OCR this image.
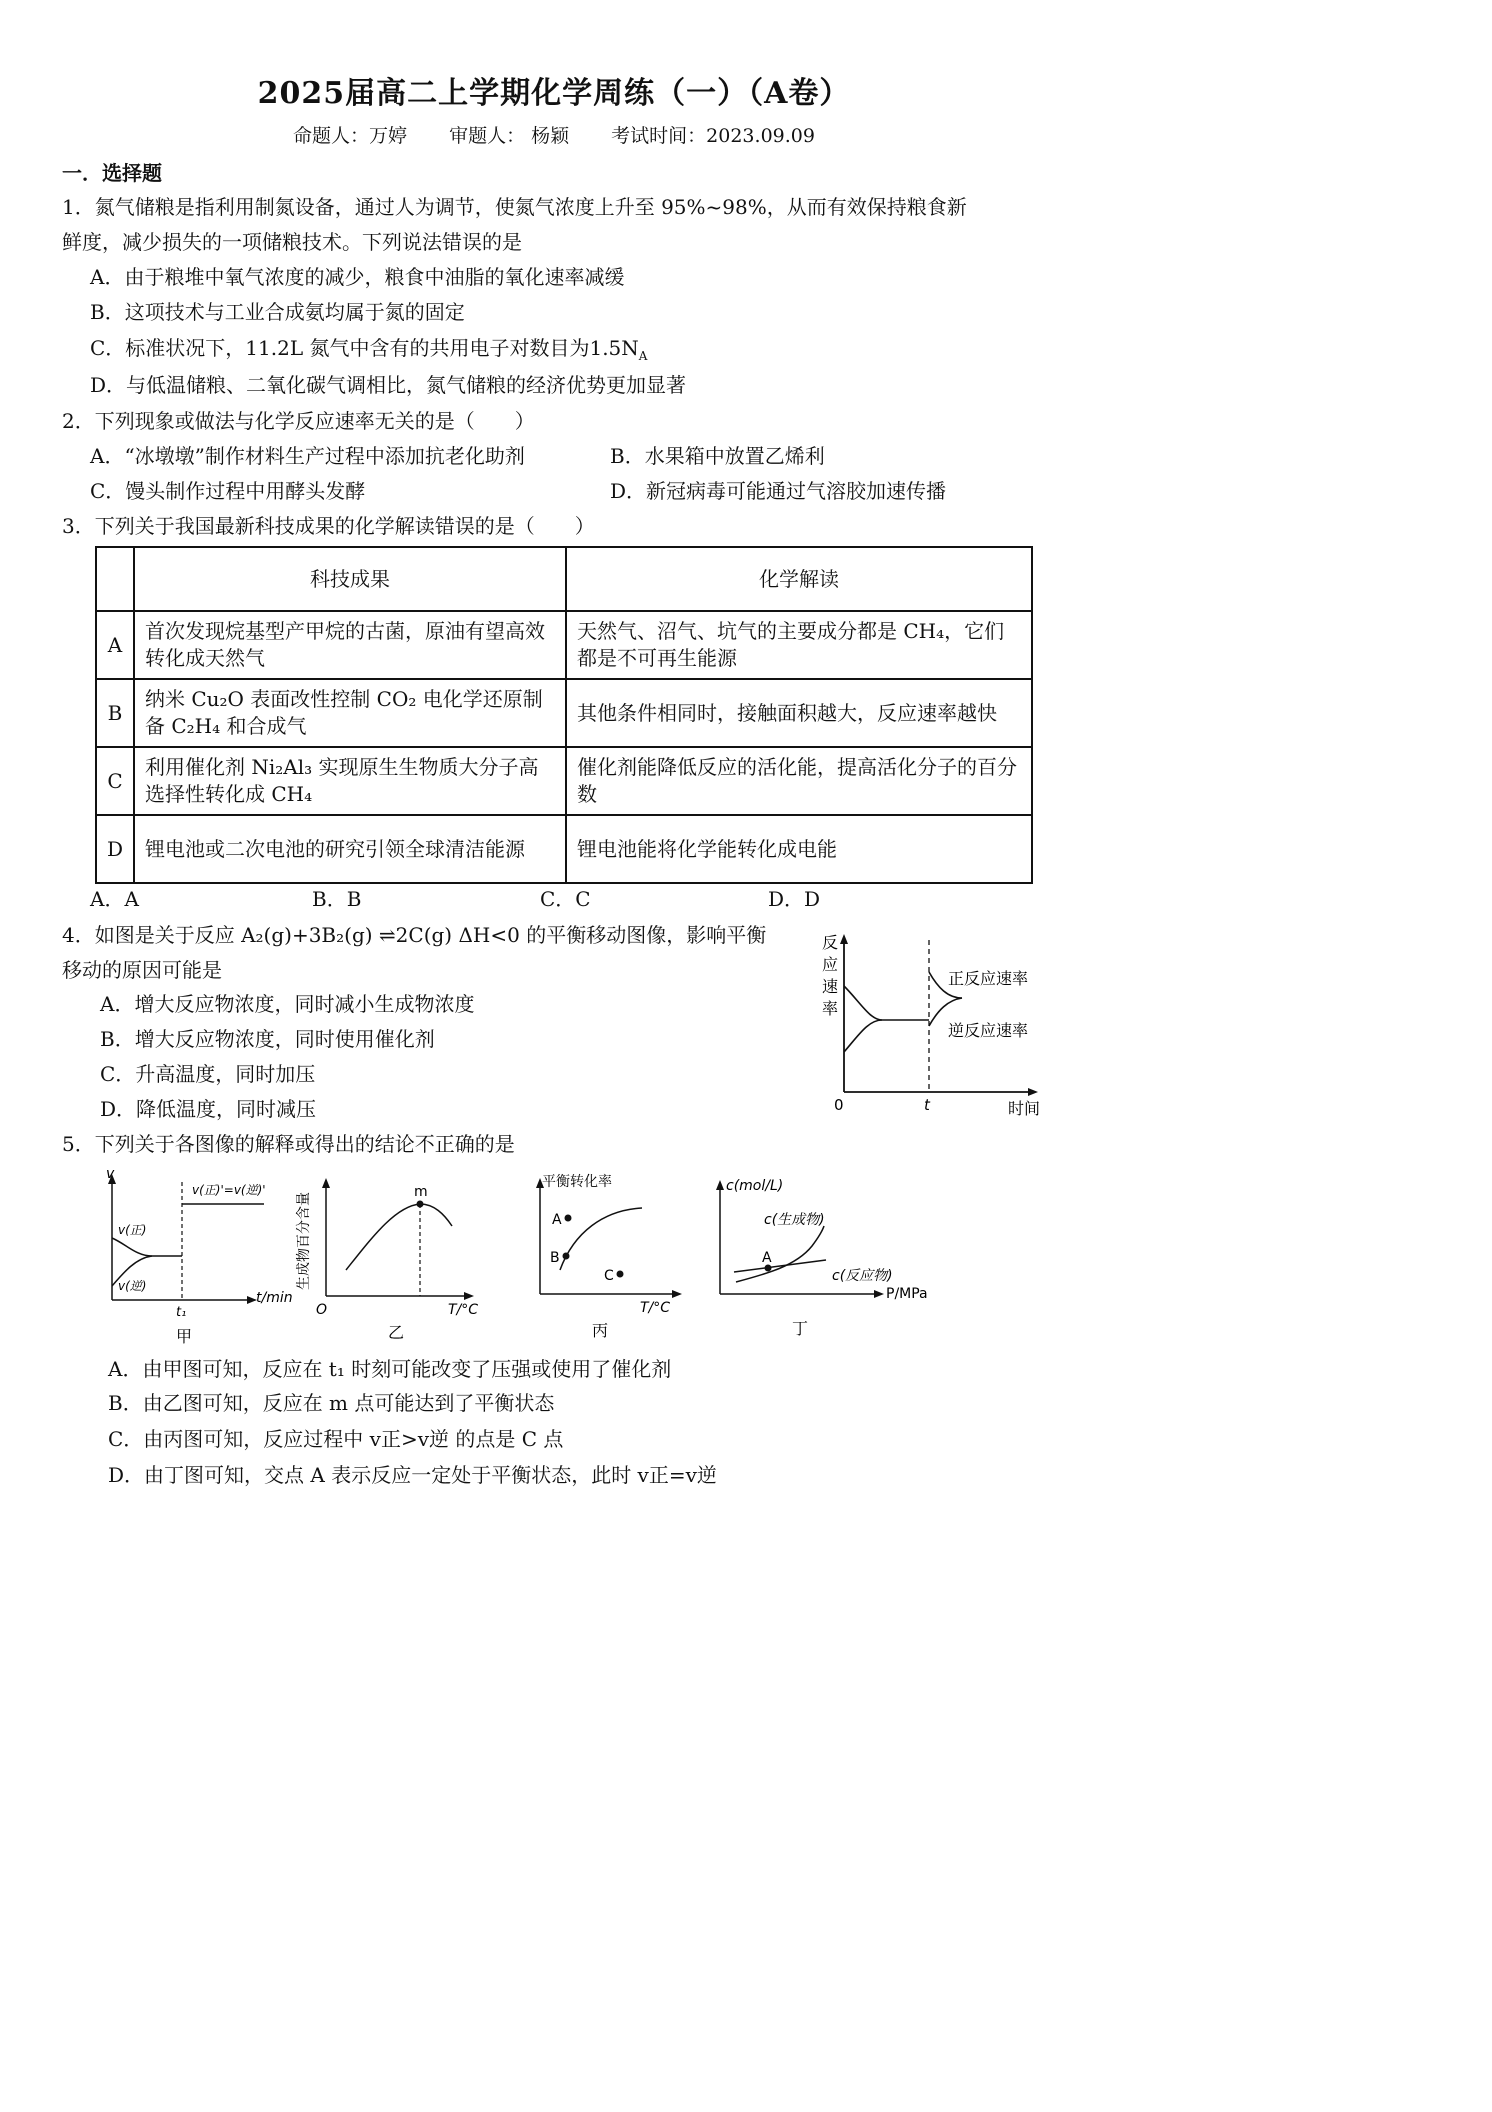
2025届高二上学期化学周练（一）（A卷）
命题人：万婷 审题人： 杨颖 考试时间：2023.09.09
一．选择题
1．氮气储粮是指利用制氮设备，通过人为调节，使氮气浓度上升至 95%~98%，从而有效保持粮食新
鲜度，减少损失的一项储粮技术。下列说法错误的是
A．由于粮堆中氧气浓度的减少，粮食中油脂的氧化速率减缓
B．这项技术与工业合成氨均属于氮的固定
C．标准状况下，11.2L 氮气中含有的共用电子对数目为$1.5N_A$
D．与低温储粮、二氧化碳气调相比，氮气储粮的经济优势更加显著
2．下列现象或做法与化学反应速率无关的是（　　）
A．“冰墩墩”制作材料生产过程中添加抗老化助剂	B．水果箱中放置乙烯利
C．馒头制作过程中用酵头发酵	D．新冠病毒可能通过气溶胶加速传播
3．下列关于我国最新科技成果的化学解读错误的是（　　）
	科技成果	化学解读
A	首次发现烷基型产甲烷的古菌，原油有望高效转化成天然气	天然气、沼气、坑气的主要成分都是 CH₄，它们都是不可再生能源
B	纳米 Cu₂O 表面改性控制 CO₂ 电化学还原制备 C₂H₄ 和合成气	其他条件相同时，接触面积越大，反应速率越快
C	利用催化剂 Ni₂Al₃ 实现原生生物质大分子高选择性转化成 CH₄	催化剂能降低反应的活化能，提高活化分子的百分数
D	锂电池或二次电池的研究引领全球清洁能源	锂电池能将化学能转化成电能
A．A	B．B	C．C	D．D
4．如图是关于反应 A₂(g)+3B₂(g) ⇌2C(g) ΔH<0 的平衡移动图像，影响平衡
移动的原因可能是
A．增大反应物浓度，同时减小生成物浓度
B．增大反应物浓度，同时使用催化剂
C．升高温度，同时加压
D．降低温度，同时减压
反
应
速
率
正反应速率
逆反应速率
0	t	时间
5．下列关于各图像的解释或得出的结论不正确的是
v
v(正)'=v(逆)'
v(正)
v(逆)
t₁
t/min
甲
生成物百分含量	m
O	T/°C
乙
平衡转化率
A
B
C
T/°C
丙
c(mol/L)
A
c(生成物)
c(反应物)
P/MPa
丁
A．由甲图可知，反应在 t₁ 时刻可能改变了压强或使用了催化剂
B．由乙图可知，反应在 m 点可能达到了平衡状态
C．由丙图可知，反应过程中 v正>v逆 的点是 C 点
D．由丁图可知，交点 A 表示反应一定处于平衡状态，此时 v正=v逆
